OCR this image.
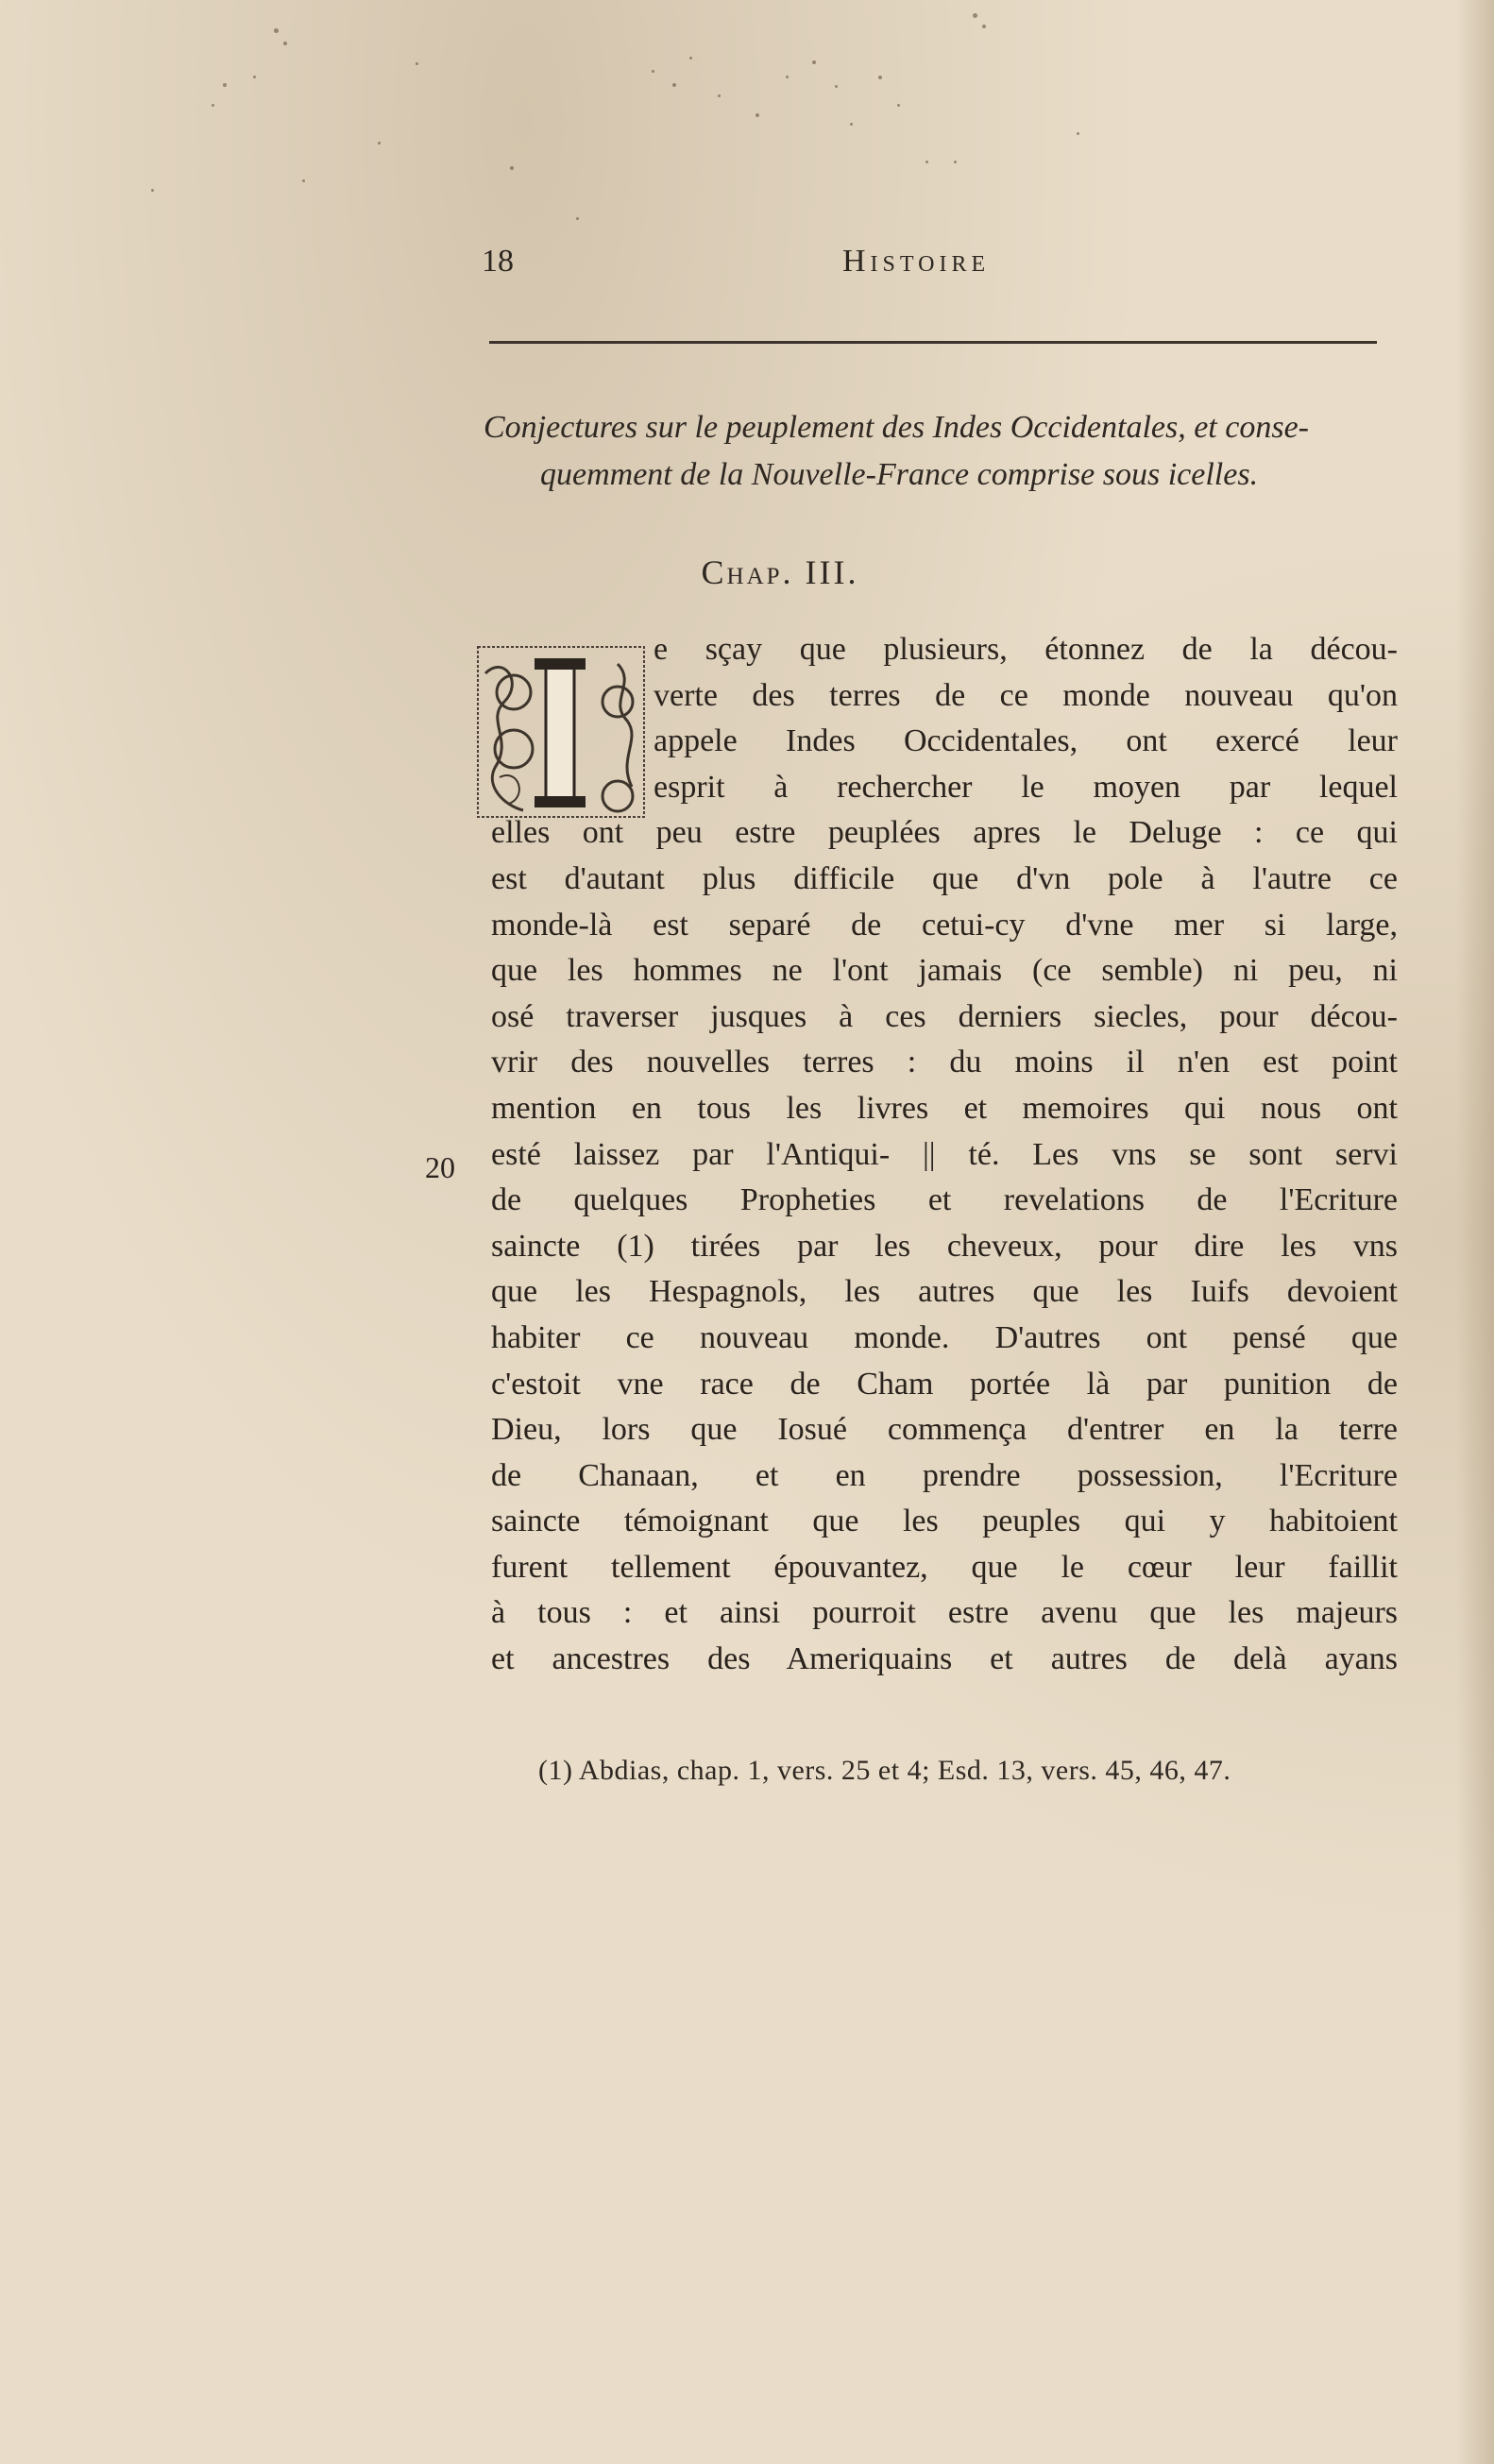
18	Histoire
Conjectures sur le peuplement des Indes Occidentales, et conse-
quemment de la Nouvelle-France comprise sous icelles.
Chap. III.
e sçay que plusieurs, étonnez de la décou-
verte des terres de ce monde nouveau qu'on
appele Indes Occidentales, ont exercé leur
esprit à rechercher le moyen par lequel
elles ont peu estre peuplées apres le Deluge : ce qui
est d'autant plus difficile que d'vn pole à l'autre ce
monde-là est separé de cetui-cy d'vne mer si large,
que les hommes ne l'ont jamais (ce semble) ni peu, ni
osé traverser jusques à ces derniers siecles, pour décou-
vrir des nouvelles terres : du moins il n'en est point
mention en tous les livres et memoires qui nous ont
esté laissez par l'Antiqui- || té. Les vns se sont servi
de quelques Propheties et revelations de l'Ecriture
saincte (1) tirées par les cheveux, pour dire les vns
que les Hespagnols, les autres que les Iuifs devoient
habiter ce nouveau monde. D'autres ont pensé que
c'estoit vne race de Cham portée là par punition de
Dieu, lors que Iosué commença d'entrer en la terre
de Chanaan, et en prendre possession, l'Ecriture
saincte témoignant que les peuples qui y habitoient
furent tellement épouvantez, que le cœur leur faillit
à tous : et ainsi pourroit estre avenu que les majeurs
et ancestres des Ameriquains et autres de delà ayans
20
(1) Abdias, chap. 1, vers. 25 et 4; Esd. 13, vers. 45, 46, 47.
